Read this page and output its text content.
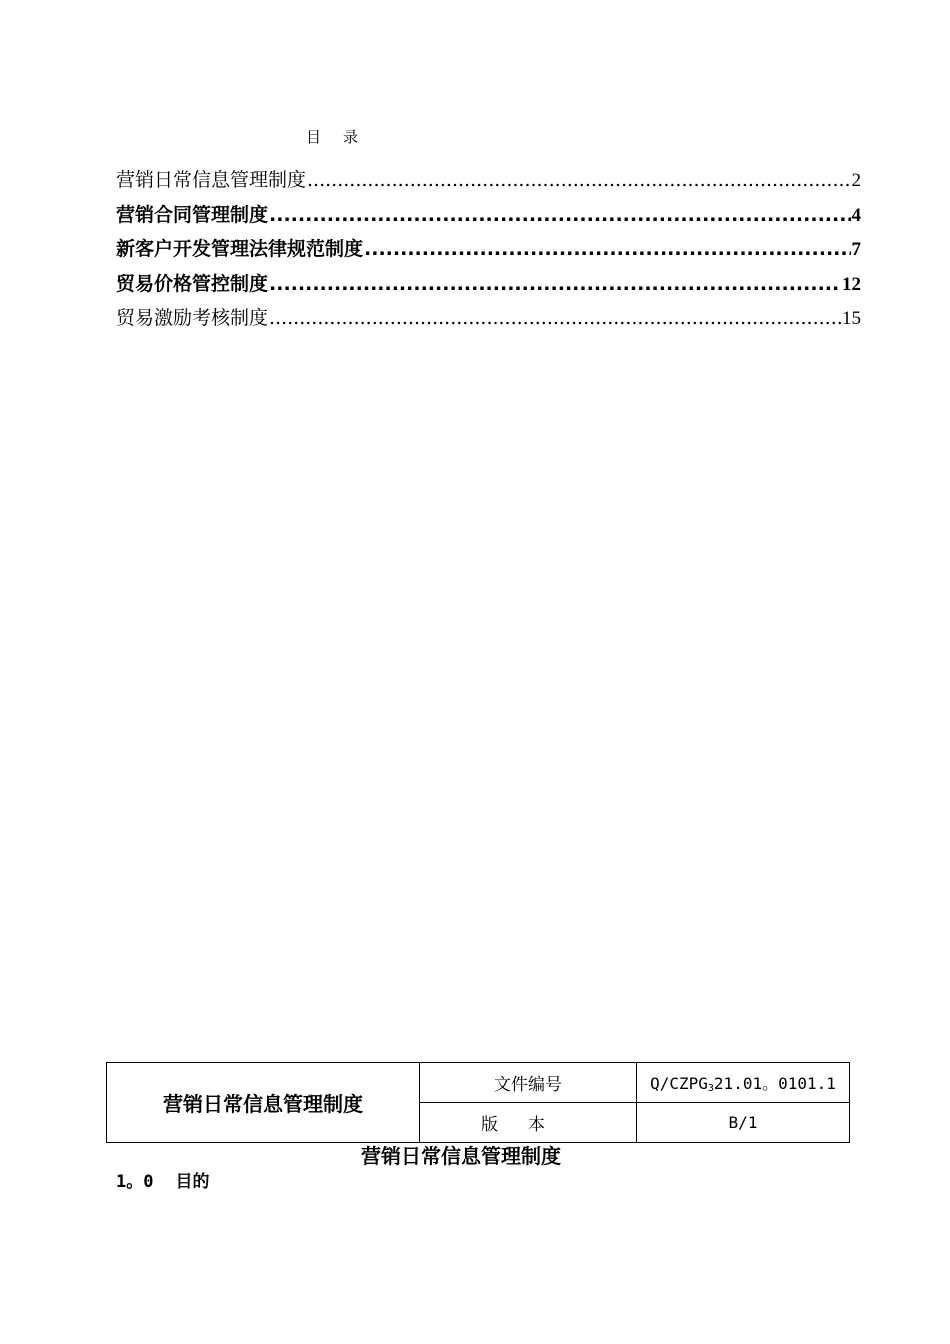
目录
营销日常信息管理制度 .....	2
营销合同管理制度 .....	4
新客户开发管理法律规范制度 .....	7
贸易价格管控制度 .....	12
贸易激励考核制度 .....	15
营销日常信息管理制度	文件编号	$Q/CZPG_321.01$。0101.1
	版本	B/1
营销日常信息管理制度
1。0 目的
